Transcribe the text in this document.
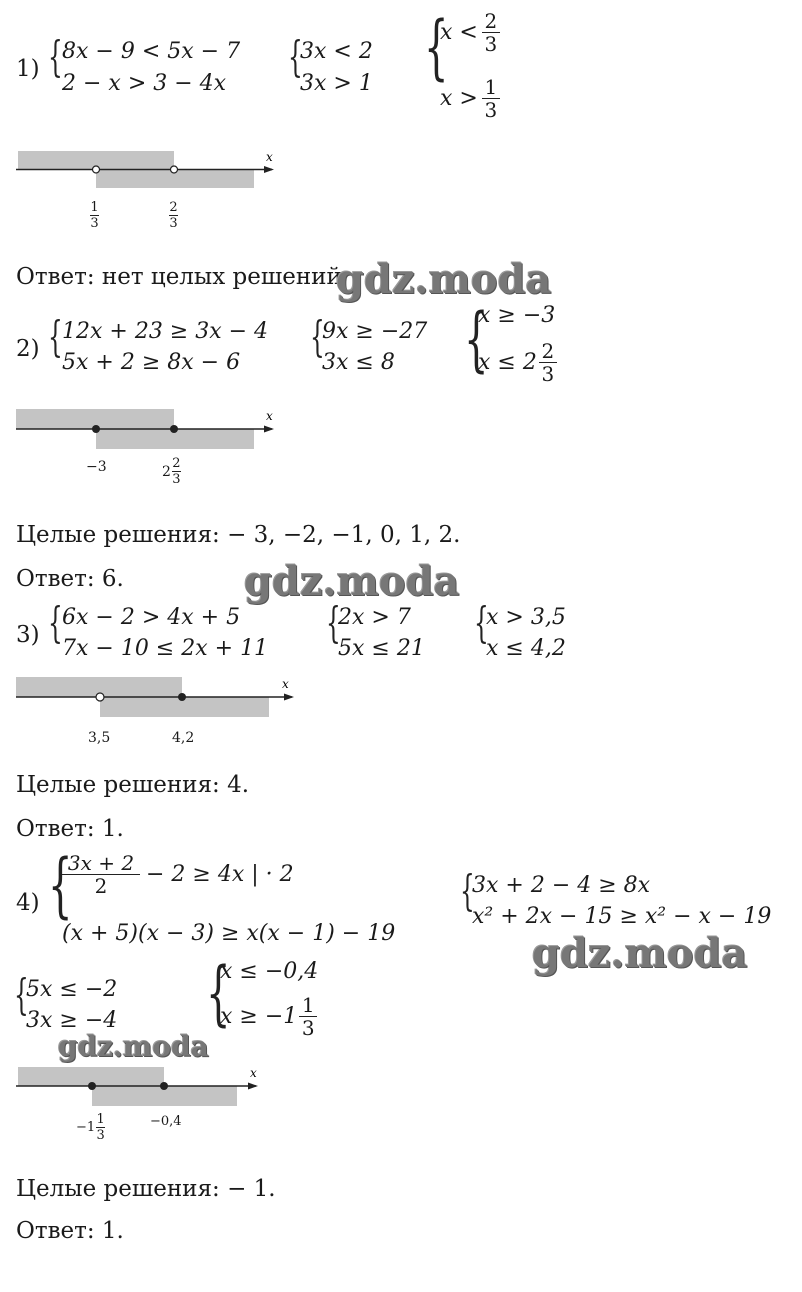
1) { 8x − 9 < 5x − 7
2 − x > 3 − 4x
{
3x < 2
3x > 1 {
$x < \frac{2}{3}$
$x > \frac{1}{3}$
x
1
3
2
3
Ответ: нет целых решений
gdz.moda
2) { 12x + 23 ≥ 3x − 4
5x + 2 ≥ 8x − 6
{
9x ≥ −27
3x ≤ 8 {
x ≥ −3
$x \le 2 \frac{2}{3}$
x
−3	2 2
3
Целые решения: − 3, −2, −1, 0, 1, 2.
Ответ: 6.	gdz.moda
3) { 6x − 2 > 4x + 5
7x − 10 ≤ 2x + 11
{
2x > 7
5x ≤ 21
{
x > 3,5
x ≤ 4,2
x
3,5	4,2
Целые решения: 4.
Ответ: 1.
4) {
$\frac{3x + 2}{2} - 2 \ge 4x$ | · 2
(x + 5)(x − 3) ≥ x(x − 1) − 19
{
3x + 2 − 4 ≥ 8x
x² + 2x − 15 ≥ x² − x − 19
{
5x ≤ −2
3x ≥ −4 {
x ≤ −0,4
$x \ge -1 \frac{1}{3}$
x
−1
1
3
−0,4
Целые решения: − 1.
Ответ: 1.
gdz.moda
gdz.moda
